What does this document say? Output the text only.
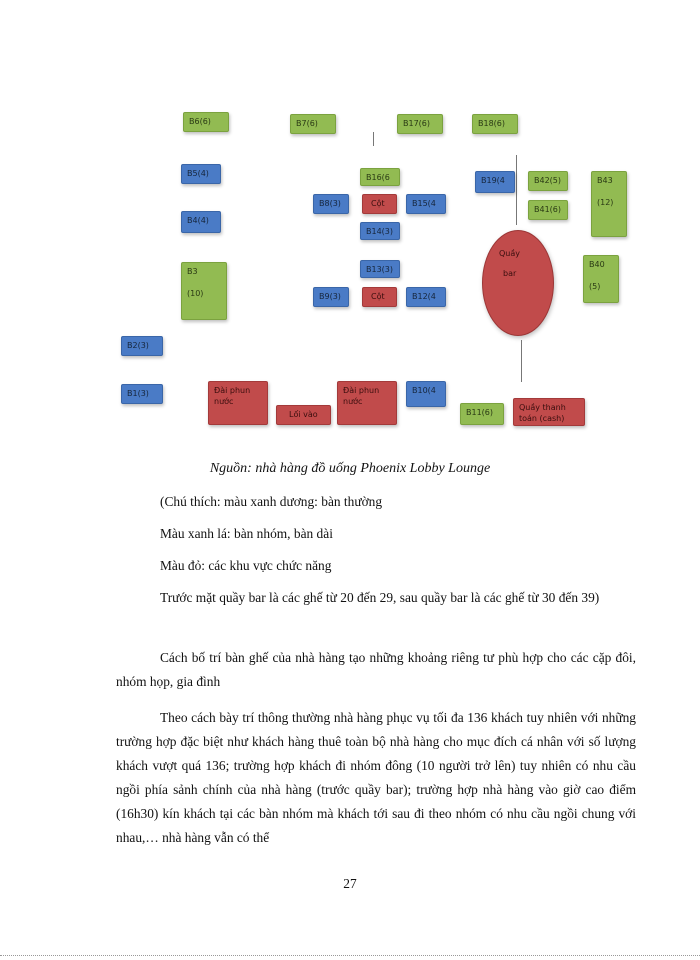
B6(6)	B7(6)	B17(6)	B18(6)
B5(4)
B4(4)
B3

(10)
B2(3)
B1(3)
B16(6
B8(3)	Cột	B15(4
B14(3)
B13(3)
B9(3)	Cột	B12(4
B19(4	B42(5)
B41(6)
B43

(12)
B40

(5)
Quầy
bar
Đài phun
nước
Lối vào
Đài phun
nước
B10(4
B11(6)
Quầy thanh
toán (cash)
Nguồn: nhà hàng đồ uống Phoenix Lobby Lounge
(Chú thích: màu xanh dương: bàn thường
Màu xanh lá: bàn nhóm, bàn dài
Màu đỏ: các khu vực chức năng
Trước mặt quầy bar là các ghế từ 20 đến 29, sau quầy bar là các ghế từ 30 đến 39)
Cách bố trí bàn ghế của nhà hàng tạo những khoảng riêng tư phù hợp cho các cặp đôi, nhóm họp, gia đình
Theo cách bày trí thông thường nhà hàng phục vụ tối đa 136 khách tuy nhiên với những trường hợp đặc biệt như khách hàng thuê toàn bộ nhà hàng cho mục đích cá nhân với số lượng khách vượt quá 136; trường hợp khách đi nhóm đông (10 người trở lên) tuy nhiên có nhu cầu ngồi phía sảnh chính của nhà hàng (trước quầy bar); trường hợp nhà hàng vào giờ cao điểm (16h30) kín khách tại các bàn nhóm mà khách tới sau đi theo nhóm có nhu cầu ngồi chung với nhau,… nhà hàng vẫn có thể
27
